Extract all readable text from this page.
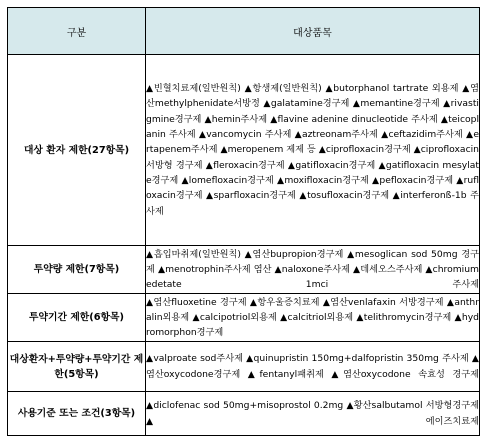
구분	대상품목
대상 환자 제한(27항목)	▲빈혈치료제(일반원칙) ▲항생제(일반원칙) ▲butorphanol tartrate 외용제 ▲염산methylphenidate서방정 ▲galatamine경구제 ▲memantine경구제 ▲rivastigmine경구제 ▲hemin주사제 ▲flavine adenine dinucleotide 주사제 ▲teicoplanin 주사제 ▲vancomycin 주사제 ▲aztreonam주사제 ▲ceftazidim주사제 ▲ertapenem주사제 ▲meropenem 제제 등 ▲ciprofloxacin경구제 ▲ciprofloxacin 서방형 경구제 ▲fleroxacin경구제 ▲gatifloxacin경구제 ▲gatifloxacin mesylate경구제 ▲lomefloxacin경구제 ▲moxifloxacin경구제 ▲pefloxacin경구제 ▲rufloxacin경구제 ▲sparfloxacin경구제 ▲tosufloxacin경구제 ▲interferonß-1b 주사제
투약량 제한(7항목)	▲흡입마취제(일반원칙) ▲염산bupropion경구제 ▲mesoglican sod 50mg 경구제 ▲menotrophin주사제 염산 ▲naloxone주사제 ▲데세오스주사제 ▲chromium edetate 1mci 주사제
투약기간 제한(6항목)	▲염산fluoxetine 경구제 ▲항우울증치료제 ▲염산venlafaxin 서방경구제 ▲anthralin외용제 ▲calcipotriol외용제 ▲calcitriol외용제 ▲telithromycin경구제 ▲hydromorphon경구제
대상환자+투약량+투약기간 제한(5항목)	▲valproate sod주사제 ▲quinupristin 150mg+dalfopristin 350mg 주사제 ▲염산oxycodone경구제 ▲fentanyl패취제 ▲염산oxycodone 속효성 경구제
사용기준 또는 조건(3항목)	▲diclofenac sod 50mg+misoprostol 0.2mg ▲황산salbutamol 서방형경구제 ▲에이즈치료제
